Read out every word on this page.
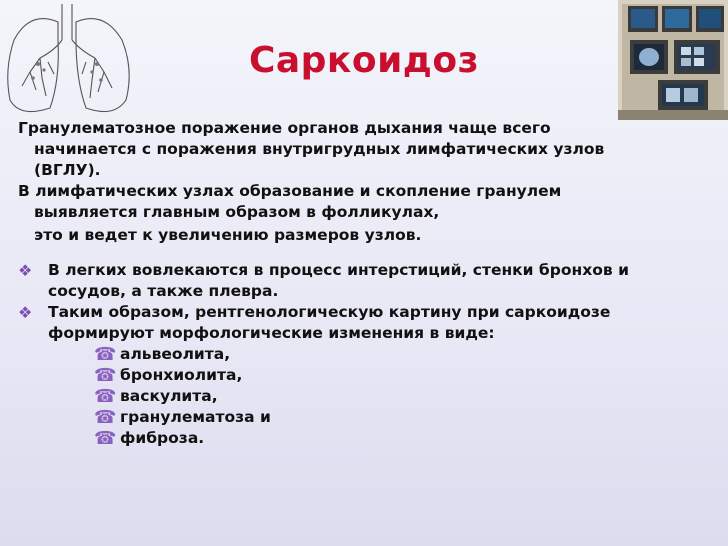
Саркоидоз

Гранулематозное поражение органов дыхания чаще всего
начинается с поражения внутригрудных лимфатических узлов
(ВГЛУ).

В лимфатических узлах образование и скопление гранулем
выявляется главным образом в фолликулах,
это и ведет к увеличению размеров узлов.

❖ В легких вовлекаются в процесс интерстиций, стенки бронхов и
сосудов, а также плевра.

❖ Таким образом, рентгенологическую картину при саркоидозе
формируют морфологические изменения в виде:

☎ альвеолита,

☎ бронхиолита,

☎ васкулита,

☎ гранулематоза и

☎ фиброза.
